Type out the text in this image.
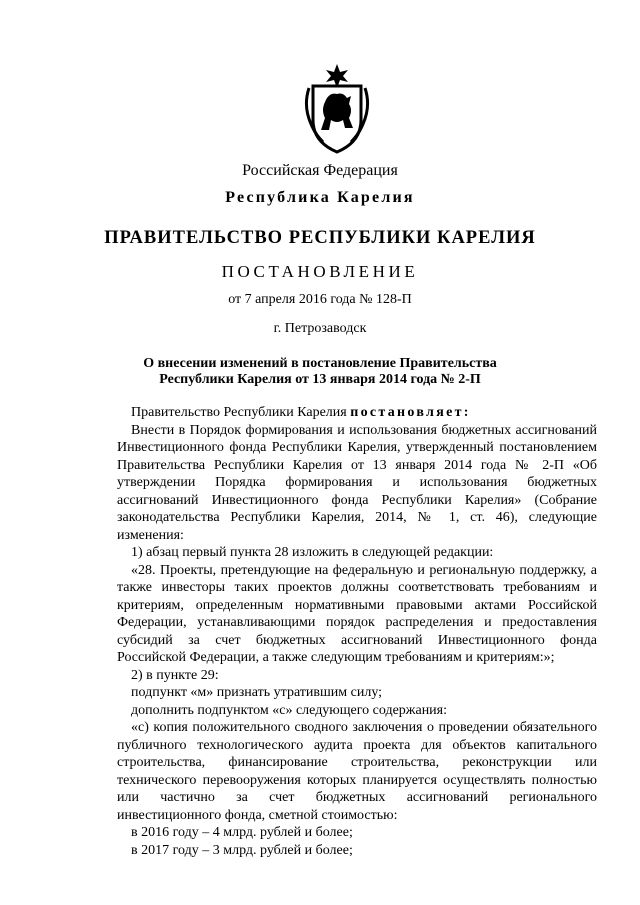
Российская Федерация
Республика Карелия
ПРАВИТЕЛЬСТВО РЕСПУБЛИКИ КАРЕЛИЯ
ПОСТАНОВЛЕНИЕ
от 7 апреля 2016 года № 128-П
г. Петрозаводск
О внесении изменений в постановление Правительства
Республики Карелия от 13 января 2014 года № 2-П

Правительство Республики Карелия постановляет:

Внести в Порядок формирования и использования бюджетных ассигнований Инвестиционного фонда Республики Карелия, утвержденный постановлением Правительства Республики Карелия от 13 января 2014 года № 2-П «Об утверждении Порядка формирования и использования бюджетных ассигнований Инвестиционного фонда Республики Карелия» (Собрание законодательства Республики Карелия, 2014, № 1, ст. 46), следующие изменения:

1) абзац первый пункта 28 изложить в следующей редакции:

«28. Проекты, претендующие на федеральную и региональную поддержку, а также инвесторы таких проектов должны соответствовать требованиям и критериям, определенным нормативными правовыми актами Российской Федерации, устанавливающими порядок распределения и предоставления субсидий за счет бюджетных ассигнований Инвестиционного фонда Российской Федерации, а также следующим требованиям и критериям:»;

2) в пункте 29:

подпункт «м» признать утратившим силу;

дополнить подпунктом «с» следующего содержания:

«с) копия положительного сводного заключения о проведении обязательного публичного технологического аудита проекта для объектов капитального строительства, финансирование строительства, реконструкции или технического перевооружения которых планируется осуществлять полностью или частично за счет бюджетных ассигнований регионального инвестиционного фонда, сметной стоимостью:

в 2016 году – 4 млрд. рублей и более;

в 2017 году – 3 млрд. рублей и более;
